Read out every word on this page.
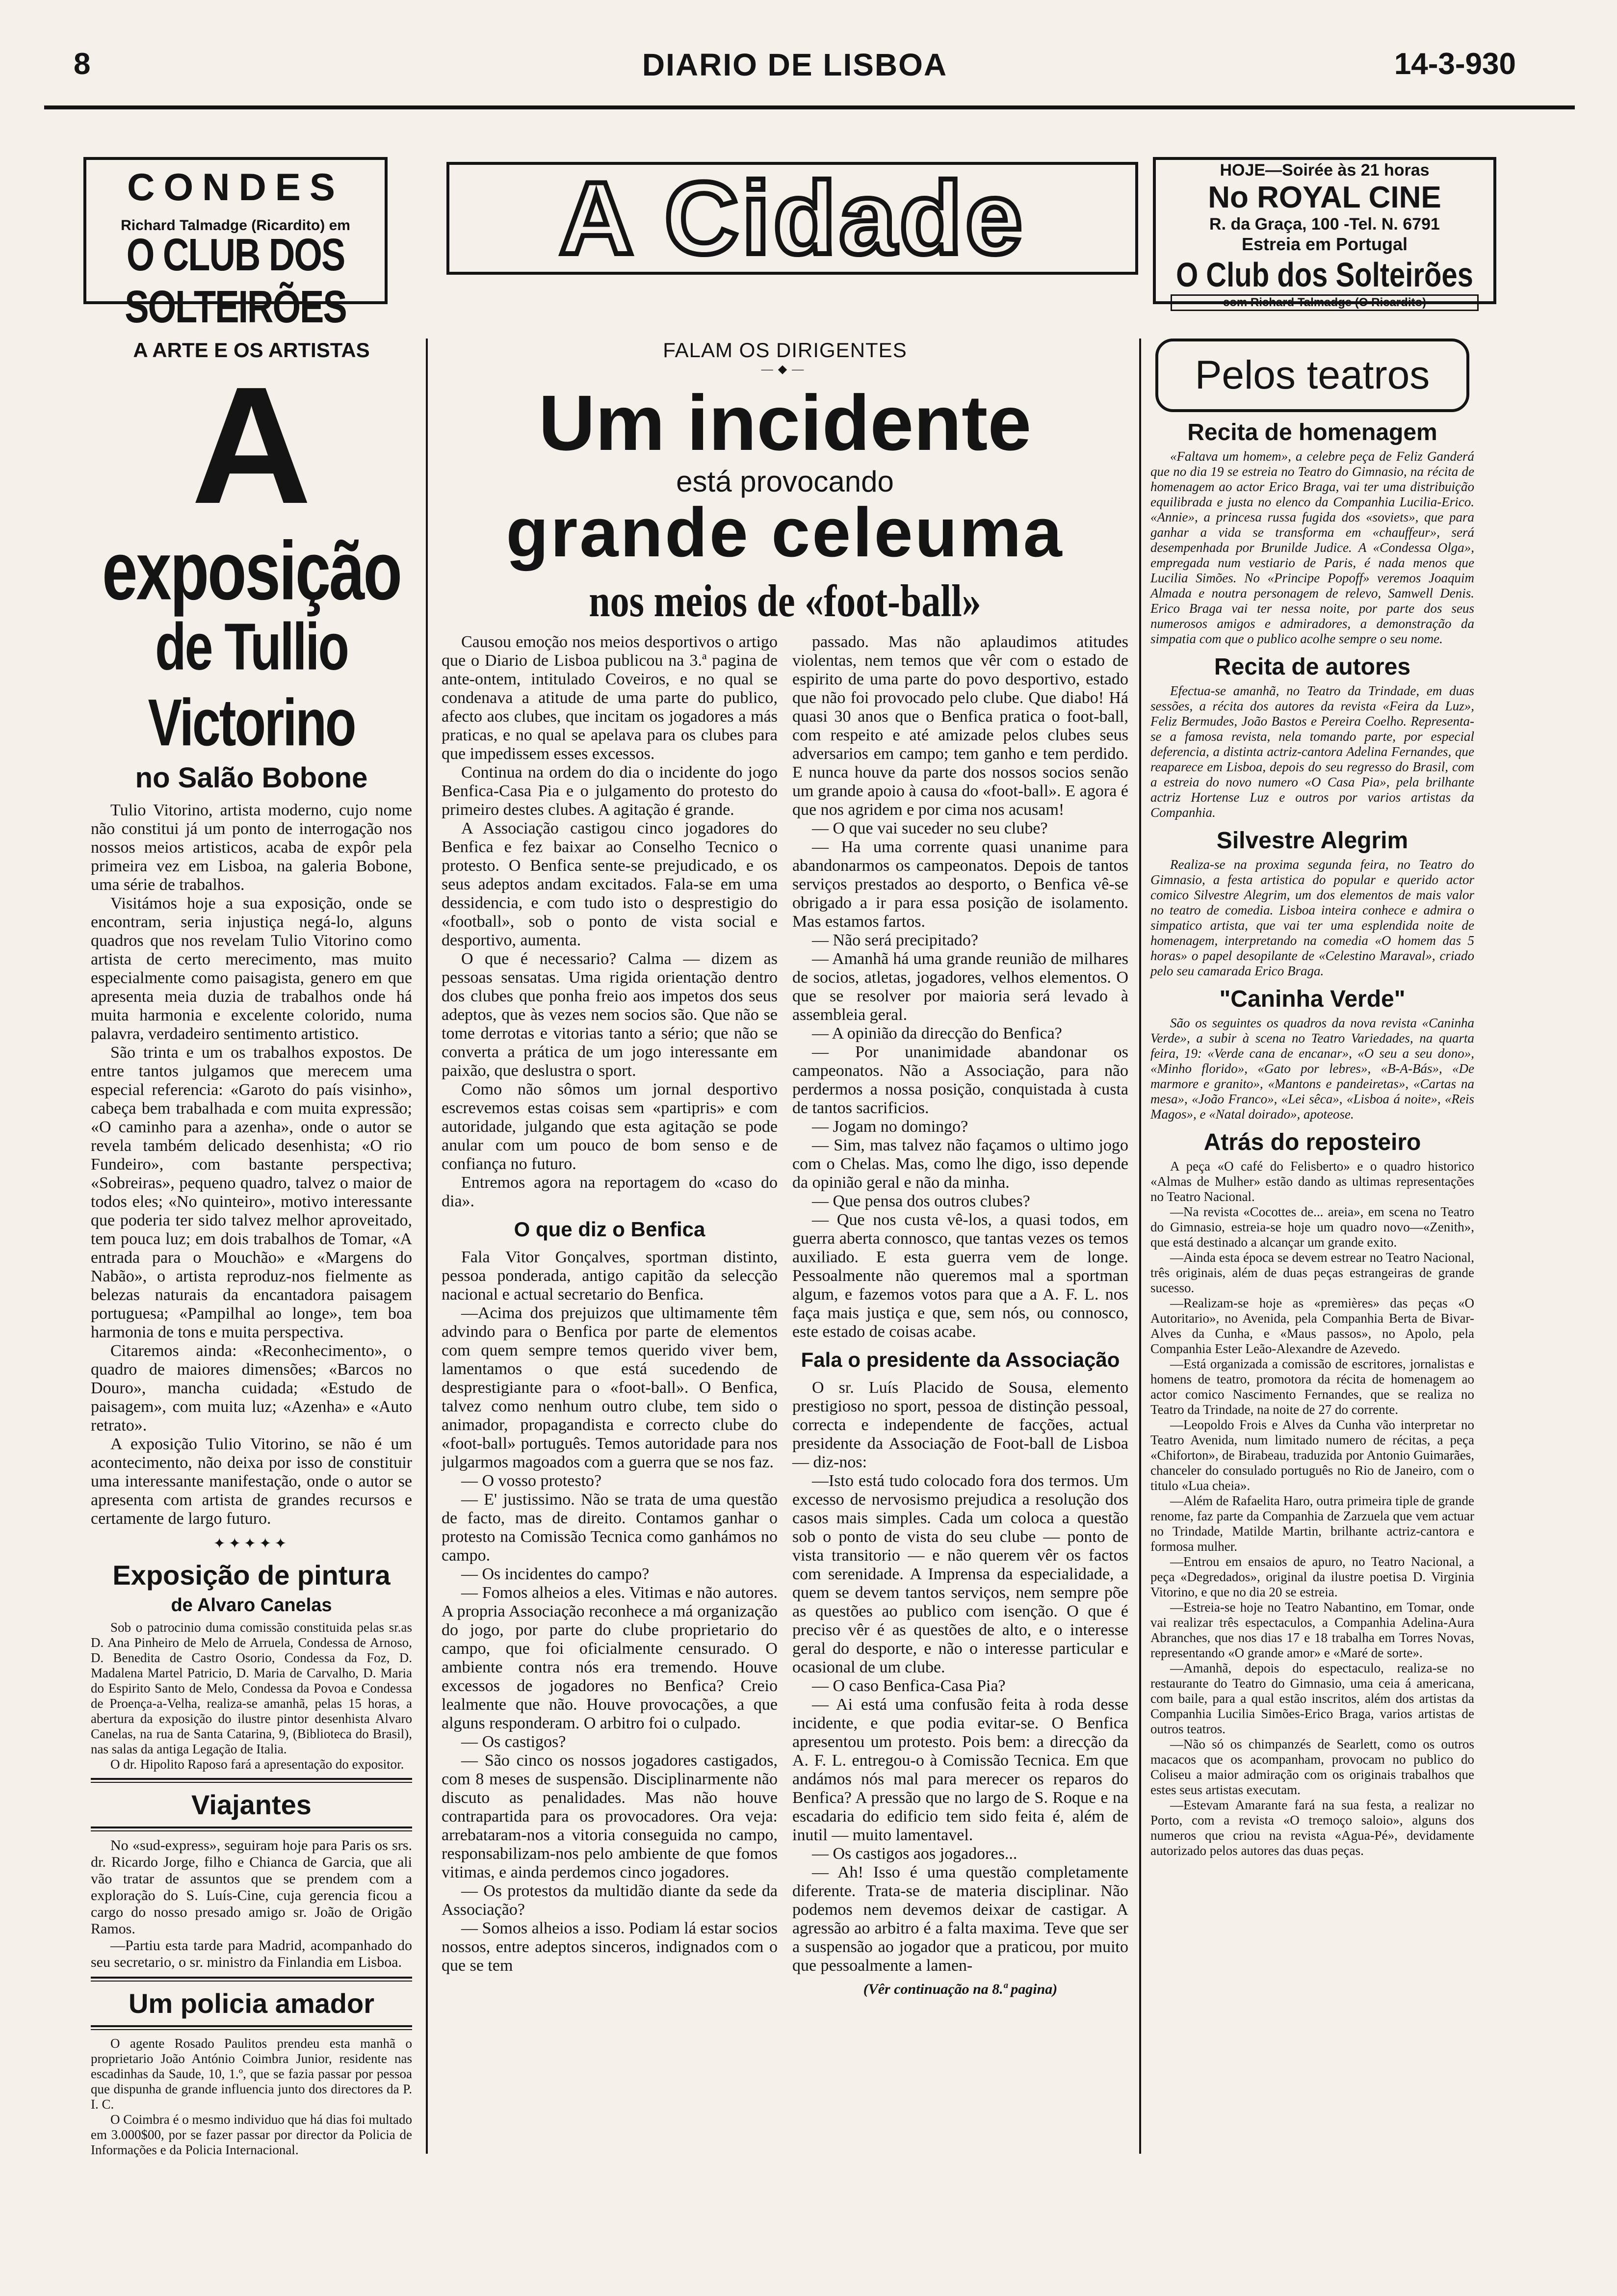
8	DIARIO DE LISBOA	14-3-930
CONDES
Richard Talmadge (Ricardito) em
O CLUB DOS SOLTEIRÕES
A Cidade	HOJE—Soirée às 21 horas
No ROYAL CINE
R. da Graça, 100 -Tel. N. 6791
Estreia em Portugal
O Club dos Solteirões
com Richard Talmadge (O Ricardito)
A ARTE E OS ARTISTAS
A
exposição
de Tullio Victorino
no Salão Bobone

Tulio Vitorino, artista moderno, cujo nome não constitui já um ponto de interrogação nos nossos meios artisticos, acaba de expôr pela primeira vez em Lisboa, na galeria Bobone, uma série de trabalhos.

Visitámos hoje a sua exposição, onde se encontram, seria injustiça negá-lo, alguns quadros que nos revelam Tulio Vitorino como artista de certo merecimento, mas muito especialmente como paisagista, genero em que apresenta meia duzia de trabalhos onde há muita harmonia e excelente colorido, numa palavra, verdadeiro sentimento artistico.

São trinta e um os trabalhos expostos. De entre tantos julgamos que merecem uma especial referencia: «Garoto do país visinho», cabeça bem trabalhada e com muita expressão; «O caminho para a azenha», onde o autor se revela também delicado desenhista; «O rio Fundeiro», com bastante perspectiva; «Sobreiras», pequeno quadro, talvez o maior de todos eles; «No quinteiro», motivo interessante que poderia ter sido talvez melhor aproveitado, tem pouca luz; em dois trabalhos de Tomar, «A entrada para o Mouchão» e «Margens do Nabão», o artista reproduz-nos fielmente as belezas naturais da encantadora paisagem portuguesa; «Pampilhal ao longe», tem boa harmonia de tons e muita perspectiva.

Citaremos ainda: «Reconhecimento», o quadro de maiores dimensões; «Barcos no Douro», mancha cuidada; «Estudo de paisagem», com muita luz; «Azenha» e «Auto retrato».

A exposição Tulio Vitorino, se não é um acontecimento, não deixa por isso de constituir uma interessante manifestação, onde o autor se apresenta com artista de grandes recursos e certamente de largo futuro.

✦✦✦✦✦
Exposição de pintura
de Alvaro Canelas

Sob o patrocinio duma comissão constituida pelas sr.as D. Ana Pinheiro de Melo de Arruela, Condessa de Arnoso, D. Benedita de Castro Osorio, Condessa da Foz, D. Madalena Martel Patricio, D. Maria de Carvalho, D. Maria do Espirito Santo de Melo, Condessa da Povoa e Condessa de Proença-a-Velha, realiza-se amanhã, pelas 15 horas, a abertura da exposição do ilustre pintor desenhista Alvaro Canelas, na rua de Santa Catarina, 9, (Biblioteca do Brasil), nas salas da antiga Legação de Italia.

O dr. Hipolito Raposo fará a apresentação do expositor.

Viajantes

No «sud-express», seguiram hoje para Paris os srs. dr. Ricardo Jorge, filho e Chianca de Garcia, que ali vão tratar de assuntos que se prendem com a exploração do S. Luís-Cine, cuja gerencia ficou a cargo do nosso presado amigo sr. João de Origão Ramos.

—Partiu esta tarde para Madrid, acompanhado do seu secretario, o sr. ministro da Finlandia em Lisboa.

Um policia amador

O agente Rosado Paulitos prendeu esta manhã o proprietario João António Coimbra Junior, residente nas escadinhas da Saude, 10, 1.º, que se fazia passar por pessoa que dispunha de grande influencia junto dos directores da P. I. C.

O Coimbra é o mesmo individuo que há dias foi multado em 3.000$00, por se fazer passar por director da Policia de Informações e da Policia Internacional.

FALAM OS DIRIGENTES
—◆—
Um incidente
está provocando
grande celeuma
nos meios de «foot-ball»

Causou emoção nos meios desportivos o artigo que o Diario de Lisboa publicou na 3.ª pagina de ante-ontem, intitulado Coveiros, e no qual se condenava a atitude de uma parte do publico, afecto aos clubes, que incitam os jogadores a más praticas, e no qual se apelava para os clubes para que impedissem esses excessos.

Continua na ordem do dia o incidente do jogo Benfica-Casa Pia e o julgamento do protesto do primeiro destes clubes. A agitação é grande.

A Associação castigou cinco jogadores do Benfica e fez baixar ao Conselho Tecnico o protesto. O Benfica sente-se prejudicado, e os seus adeptos andam excitados. Fala-se em uma dessidencia, e com tudo isto o desprestigio do «football», sob o ponto de vista social e desportivo, aumenta.

O que é necessario? Calma — dizem as pessoas sensatas. Uma rigida orientação dentro dos clubes que ponha freio aos impetos dos seus adeptos, que às vezes nem socios são. Que não se tome derrotas e vitorias tanto a sério; que não se converta a prática de um jogo interessante em paixão, que deslustra o sport.

Como não sômos um jornal desportivo escrevemos estas coisas sem «partipris» e com autoridade, julgando que esta agitação se pode anular com um pouco de bom senso e de confiança no futuro.

Entremos agora na reportagem do «caso do dia».

O que diz o Benfica

Fala Vitor Gonçalves, sportman distinto, pessoa ponderada, antigo capitão da selecção nacional e actual secretario do Benfica.

—Acima dos prejuizos que ultimamente têm advindo para o Benfica por parte de elementos com quem sempre temos querido viver bem, lamentamos o que está sucedendo de desprestigiante para o «foot-ball». O Benfica, talvez como nenhum outro clube, tem sido o animador, propagandista e correcto clube do «foot-ball» português. Temos autoridade para nos julgarmos magoados com a guerra que se nos faz.

— O vosso protesto?

— E' justissimo. Não se trata de uma questão de facto, mas de direito. Contamos ganhar o protesto na Comissão Tecnica como ganhámos no campo.

— Os incidentes do campo?

— Fomos alheios a eles. Vitimas e não autores. A propria Associação reconhece a má organização do jogo, por parte do clube proprietario do campo, que foi oficialmente censurado. O ambiente contra nós era tremendo. Houve excessos de jogadores no Benfica? Creio lealmente que não. Houve provocações, a que alguns responderam. O arbitro foi o culpado.

— Os castigos?

— São cinco os nossos jogadores castigados, com 8 meses de suspensão. Disciplinarmente não discuto as penalidades. Mas não houve contrapartida para os provocadores. Ora veja: arrebataram-nos a vitoria conseguida no campo, responsabilizam-nos pelo ambiente de que fomos vitimas, e ainda perdemos cinco jogadores.

— Os protestos da multidão diante da sede da Associação?

— Somos alheios a isso. Podiam lá estar socios nossos, entre adeptos sinceros, indignados com o que se tem

passado. Mas não aplaudimos atitudes violentas, nem temos que vêr com o estado de espirito de uma parte do povo desportivo, estado que não foi provocado pelo clube. Que diabo! Há quasi 30 anos que o Benfica pratica o foot-ball, com respeito e até amizade pelos clubes seus adversarios em campo; tem ganho e tem perdido. E nunca houve da parte dos nossos socios senão um grande apoio à causa do «foot-ball». E agora é que nos agridem e por cima nos acusam!

— O que vai suceder no seu clube?

— Ha uma corrente quasi unanime para abandonarmos os campeonatos. Depois de tantos serviços prestados ao desporto, o Benfica vê-se obrigado a ir para essa posição de isolamento. Mas estamos fartos.

— Não será precipitado?

— Amanhã há uma grande reunião de milhares de socios, atletas, jogadores, velhos elementos. O que se resolver por maioria será levado à assembleia geral.

— A opinião da direcção do Benfica?

— Por unanimidade abandonar os campeonatos. Não a Associação, para não perdermos a nossa posição, conquistada à custa de tantos sacrificios.

— Jogam no domingo?

— Sim, mas talvez não façamos o ultimo jogo com o Chelas. Mas, como lhe digo, isso depende da opinião geral e não da minha.

— Que pensa dos outros clubes?

— Que nos custa vê-los, a quasi todos, em guerra aberta connosco, que tantas vezes os temos auxiliado. E esta guerra vem de longe. Pessoalmente não queremos mal a sportman algum, e fazemos votos para que a A. F. L. nos faça mais justiça e que, sem nós, ou connosco, este estado de coisas acabe.

Fala o presidente da Associação

O sr. Luís Placido de Sousa, elemento prestigioso no sport, pessoa de distinção pessoal, correcta e independente de facções, actual presidente da Associação de Foot-ball de Lisboa — diz-nos:

—Isto está tudo colocado fora dos termos. Um excesso de nervosismo prejudica a resolução dos casos mais simples. Cada um coloca a questão sob o ponto de vista do seu clube — ponto de vista transitorio — e não querem vêr os factos com serenidade. A Imprensa da especialidade, a quem se devem tantos serviços, nem sempre põe as questões ao publico com isenção. O que é preciso vêr é as questões de alto, e o interesse geral do desporte, e não o interesse particular e ocasional de um clube.

— O caso Benfica-Casa Pia?

— Ai está uma confusão feita à roda desse incidente, e que podia evitar-se. O Benfica apresentou um protesto. Pois bem: a direcção da A. F. L. entregou-o à Comissão Tecnica. Em que andámos nós mal para merecer os reparos do Benfica? A pressão que no largo de S. Roque e na escadaria do edificio tem sido feita é, além de inutil — muito lamentavel.

— Os castigos aos jogadores...

— Ah! Isso é uma questão completamente diferente. Trata-se de materia disciplinar. Não podemos nem devemos deixar de castigar. A agressão ao arbitro é a falta maxima. Teve que ser a suspensão ao jogador que a praticou, por muito que pessoalmente a lamen-

(Vêr continuação na 8.ª pagina)
Pelos teatros
Recita de homenagem

«Faltava um homem», a celebre peça de Feliz Ganderá que no dia 19 se estreia no Teatro do Gimnasio, na récita de homenagem ao actor Erico Braga, vai ter uma distribuição equilibrada e justa no elenco da Companhia Lucilia-Erico. «Annie», a princesa russa fugida dos «soviets», que para ganhar a vida se transforma em «chauffeur», será desempenhada por Brunilde Judice. A «Condessa Olga», empregada num vestiario de Paris, é nada menos que Lucilia Simões. No «Principe Popoff» veremos Joaquim Almada e noutra personagem de relevo, Samwell Denis. Erico Braga vai ter nessa noite, por parte dos seus numerosos amigos e admiradores, a demonstração da simpatia com que o publico acolhe sempre o seu nome.

Recita de autores

Efectua-se amanhã, no Teatro da Trindade, em duas sessões, a récita dos autores da revista «Feira da Luz», Feliz Bermudes, João Bastos e Pereira Coelho. Representa-se a famosa revista, nela tomando parte, por especial deferencia, a distinta actriz-cantora Adelina Fernandes, que reaparece em Lisboa, depois do seu regresso do Brasil, com a estreia do novo numero «O Casa Pia», pela brilhante actriz Hortense Luz e outros por varios artistas da Companhia.

Silvestre Alegrim

Realiza-se na proxima segunda feira, no Teatro do Gimnasio, a festa artistica do popular e querido actor comico Silvestre Alegrim, um dos elementos de mais valor no teatro de comedia. Lisboa inteira conhece e admira o simpatico artista, que vai ter uma esplendida noite de homenagem, interpretando na comedia «O homem das 5 horas» o papel desopilante de «Celestino Maraval», criado pelo seu camarada Erico Braga.

"Caninha Verde"

São os seguintes os quadros da nova revista «Caninha Verde», a subir à scena no Teatro Variedades, na quarta feira, 19: «Verde cana de encanar», «O seu a seu dono», «Minho florido», «Gato por lebres», «B-A-Bás», «De marmore e granito», «Mantons e pandeiretas», «Cartas na mesa», «João Franco», «Lei sêca», «Lisboa á noite», «Reis Magos», e «Natal doirado», apoteose.

Atrás do reposteiro

A peça «O café do Felisberto» e o quadro historico «Almas de Mulher» estão dando as ultimas representações no Teatro Nacional.

—Na revista «Cocottes de... areia», em scena no Teatro do Gimnasio, estreia-se hoje um quadro novo—«Zenith», que está destinado a alcançar um grande exito.

—Ainda esta época se devem estrear no Teatro Nacional, três originais, além de duas peças estrangeiras de grande sucesso.

—Realizam-se hoje as «premières» das peças «O Autoritario», no Avenida, pela Companhia Berta de Bivar-Alves da Cunha, e «Maus passos», no Apolo, pela Companhia Ester Leão-Alexandre de Azevedo.

—Está organizada a comissão de escritores, jornalistas e homens de teatro, promotora da récita de homenagem ao actor comico Nascimento Fernandes, que se realiza no Teatro da Trindade, na noite de 27 do corrente.

—Leopoldo Frois e Alves da Cunha vão interpretar no Teatro Avenida, num limitado numero de récitas, a peça «Chiforton», de Birabeau, traduzida por Antonio Guimarães, chanceler do consulado português no Rio de Janeiro, com o titulo «Lua cheia».

—Além de Rafaelita Haro, outra primeira tiple de grande renome, faz parte da Companhia de Zarzuela que vem actuar no Trindade, Matilde Martin, brilhante actriz-cantora e formosa mulher.

—Entrou em ensaios de apuro, no Teatro Nacional, a peça «Degredados», original da ilustre poetisa D. Virginia Vitorino, e que no dia 20 se estreia.

—Estreia-se hoje no Teatro Nabantino, em Tomar, onde vai realizar três espectaculos, a Companhia Adelina-Aura Abranches, que nos dias 17 e 18 trabalha em Torres Novas, representando «O grande amor» e «Maré de sorte».

—Amanhã, depois do espectaculo, realiza-se no restaurante do Teatro do Gimnasio, uma ceia á americana, com baile, para a qual estão inscritos, além dos artistas da Companhia Lucilia Simões-Erico Braga, varios artistas de outros teatros.

—Não só os chimpanzés de Searlett, como os outros macacos que os acompanham, provocam no publico do Coliseu a maior admiração com os originais trabalhos que estes seus artistas executam.

—Estevam Amarante fará na sua festa, a realizar no Porto, com a revista «O tremoço saloio», alguns dos numeros que criou na revista «Agua-Pé», devidamente autorizado pelos autores das duas peças.
